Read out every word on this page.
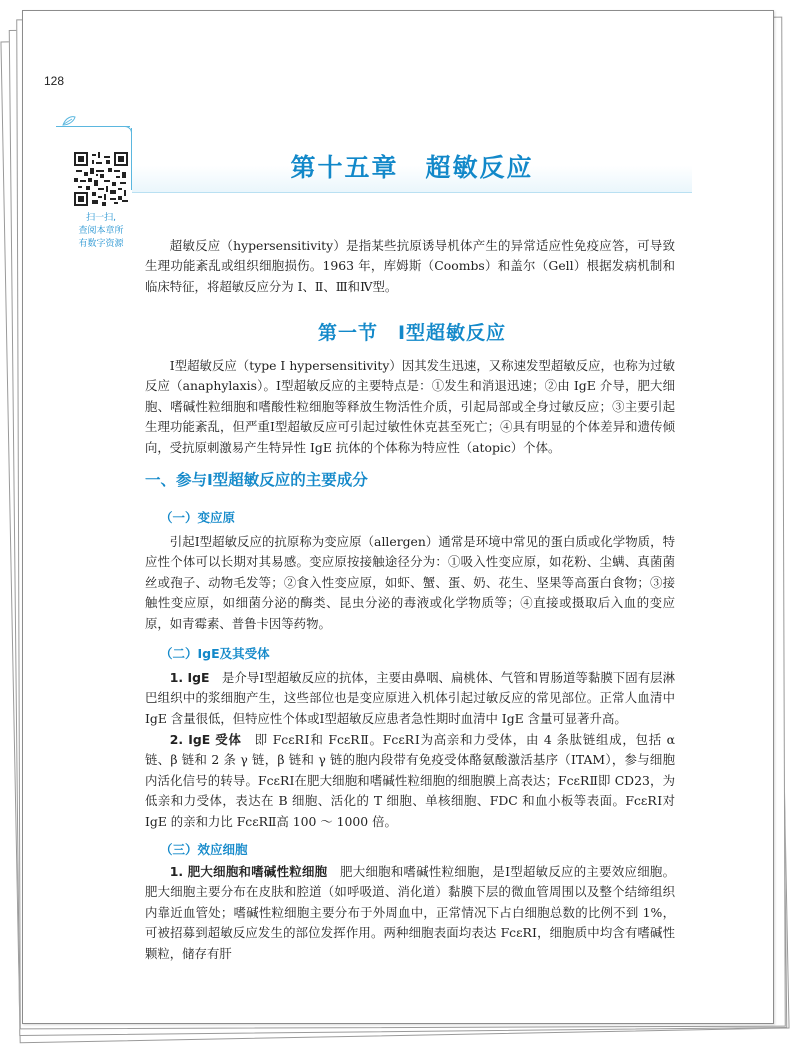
128
扫一扫,
查阅本章所
有数字资源
第十五章　超敏反应

超敏反应（hypersensitivity）是指某些抗原诱导机体产生的异常适应性免疫应答，可导致生理功能紊乱或组织细胞损伤。1963 年，库姆斯（Coombs）和盖尔（Gell）根据发病机制和临床特征，将超敏反应分为 Ⅰ、Ⅱ、Ⅲ和Ⅳ型。

第一节　Ⅰ型超敏反应

Ⅰ型超敏反应（type Ⅰ hypersensitivity）因其发生迅速，又称速发型超敏反应，也称为过敏反应（anaphylaxis）。Ⅰ型超敏反应的主要特点是：①发生和消退迅速；②由 IgE 介导，肥大细胞、嗜碱性粒细胞和嗜酸性粒细胞等释放生物活性介质，引起局部或全身过敏反应；③主要引起生理功能紊乱，但严重Ⅰ型超敏反应可引起过敏性休克甚至死亡；④具有明显的个体差异和遗传倾向，受抗原刺激易产生特异性 IgE 抗体的个体称为特应性（atopic）个体。

一、参与Ⅰ型超敏反应的主要成分
（一）变应原

引起Ⅰ型超敏反应的抗原称为变应原（allergen）通常是环境中常见的蛋白质或化学物质，特应性个体可以长期对其易感。变应原按接触途径分为：①吸入性变应原，如花粉、尘螨、真菌菌丝或孢子、动物毛发等；②食入性变应原，如虾、蟹、蛋、奶、花生、坚果等高蛋白食物；③接触性变应原，如细菌分泌的酶类、昆虫分泌的毒液或化学物质等；④直接或摄取后入血的变应原，如青霉素、普鲁卡因等药物。

（二）IgE及其受体

1. IgE　是介导Ⅰ型超敏反应的抗体，主要由鼻咽、扁桃体、气管和胃肠道等黏膜下固有层淋巴组织中的浆细胞产生，这些部位也是变应原进入机体引起过敏反应的常见部位。正常人血清中 IgE 含量很低，但特应性个体或Ⅰ型超敏反应患者急性期时血清中 IgE 含量可显著升高。

2. IgE 受体　即 FcεRⅠ和 FcεRⅡ。FcεRⅠ为高亲和力受体，由 4 条肽链组成，包括 α 链、β 链和 2 条 γ 链，β 链和 γ 链的胞内段带有免疫受体酪氨酸激活基序（ITAM），参与细胞内活化信号的转导。FcεRⅠ在肥大细胞和嗜碱性粒细胞的细胞膜上高表达；FcεRⅡ即 CD23，为低亲和力受体，表达在 B 细胞、活化的 T 细胞、单核细胞、FDC 和血小板等表面。FcεRⅠ对 IgE 的亲和力比 FcεRⅡ高 100 ～ 1000 倍。

（三）效应细胞

1. 肥大细胞和嗜碱性粒细胞　肥大细胞和嗜碱性粒细胞，是Ⅰ型超敏反应的主要效应细胞。肥大细胞主要分布在皮肤和腔道（如呼吸道、消化道）黏膜下层的微血管周围以及整个结缔组织内靠近血管处；嗜碱性粒细胞主要分布于外周血中，正常情况下占白细胞总数的比例不到 1%，可被招募到超敏反应发生的部位发挥作用。两种细胞表面均表达 FcεRⅠ，细胞质中均含有嗜碱性颗粒，储存有肝
